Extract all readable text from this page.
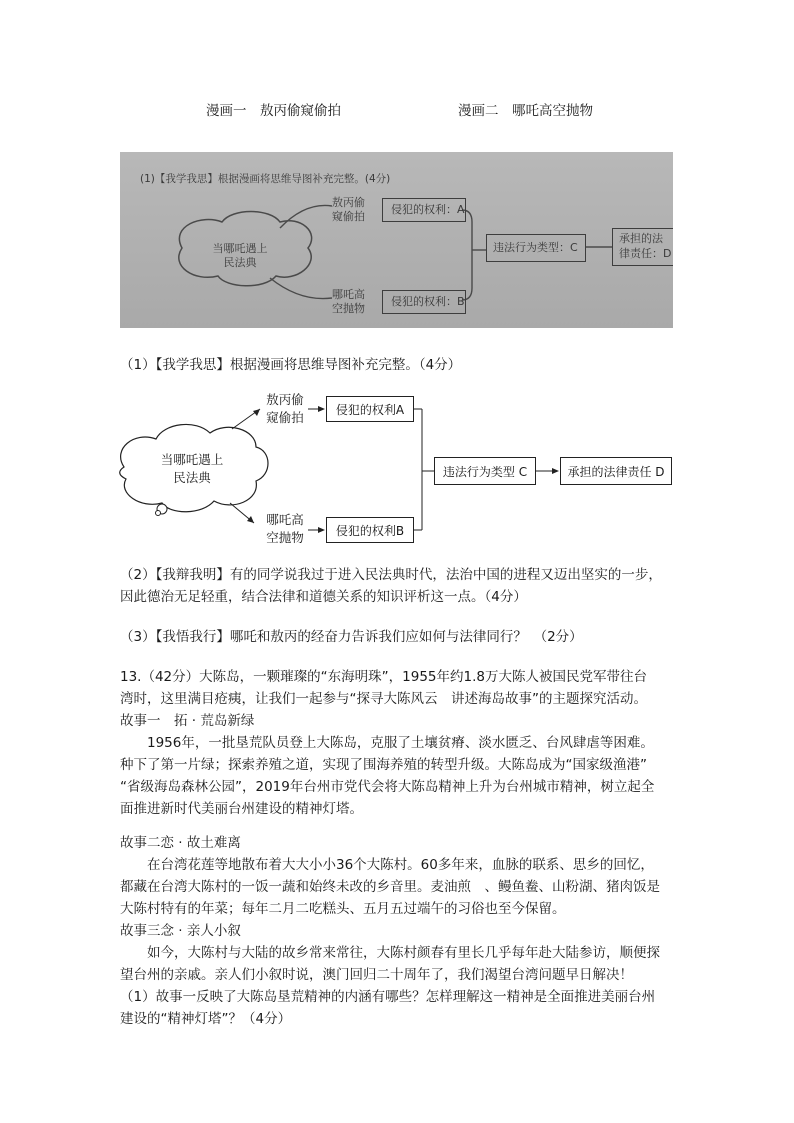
漫画一　敖丙偷窥偷拍	漫画二　哪吒高空抛物
(1)【我学我思】根据漫画将思维导图补充完整。(4分)
当哪吒遇上
民法典
敖丙偷
窥偷拍
侵犯的权利：A
哪吒高
空抛物
侵犯的权利：B
违法行为类型：C
承担的法
律责任：D
（1）【我学我思】根据漫画将思维导图补充完整。（4分）
当哪吒遇上
民法典
敖丙偷
窥偷拍
哪吒高
空抛物
侵犯的权利A
侵犯的权利B
违法行为类型 C	承担的法律责任 D
（2）【我辩我明】有的同学说我过于进入民法典时代，法治中国的进程又迈出坚实的一步，
因此德治无足轻重，结合法律和道德关系的知识评析这一点。（4分）
（3）【我悟我行】哪吒和敖丙的经奋力告诉我们应如何与法律同行？　（2分）
13.（42分）大陈岛，一颗璀璨的“东海明珠”，1955年约1.8万大陈人被国民党军带往台
湾时，这里满目疮痍，让我们一起参与“探寻大陈风云　讲述海岛故事”的主题探究活动。
故事一　拓 · 荒岛新绿
　　1956年，一批垦荒队员登上大陈岛，克服了土壤贫瘠、淡水匮乏、台风肆虐等困难。
种下了第一片绿；探索养殖之道，实现了围海养殖的转型升级。大陈岛成为“国家级渔港”
“省级海岛森林公园”，2019年台州市党代会将大陈岛精神上升为台州城市精神，树立起全
面推进新时代美丽台州建设的精神灯塔。
故事二恋 · 故土难离
　　在台湾花莲等地散布着大大小小36个大陈村。60多年来，血脉的联系、思乡的回忆，
都藏在台湾大陈村的一饭一蔬和始终未改的乡音里。麦油煎　、鳗鱼鲞、山粉湖、猪肉饭是
大陈村特有的年菜；每年二月二吃糕头、五月五过端午的习俗也至今保留。
故事三念 · 亲人小叙
　　如今，大陈村与大陆的故乡常来常往，大陈村颜春有里长几乎每年赴大陆参访，顺便探
望台州的亲戚。亲人们小叙时说，澳门回归二十周年了，我们渴望台湾问题早日解决！
（1）故事一反映了大陈岛垦荒精神的内涵有哪些？怎样理解这一精神是全面推进美丽台州
建设的“精神灯塔”？（4分）
